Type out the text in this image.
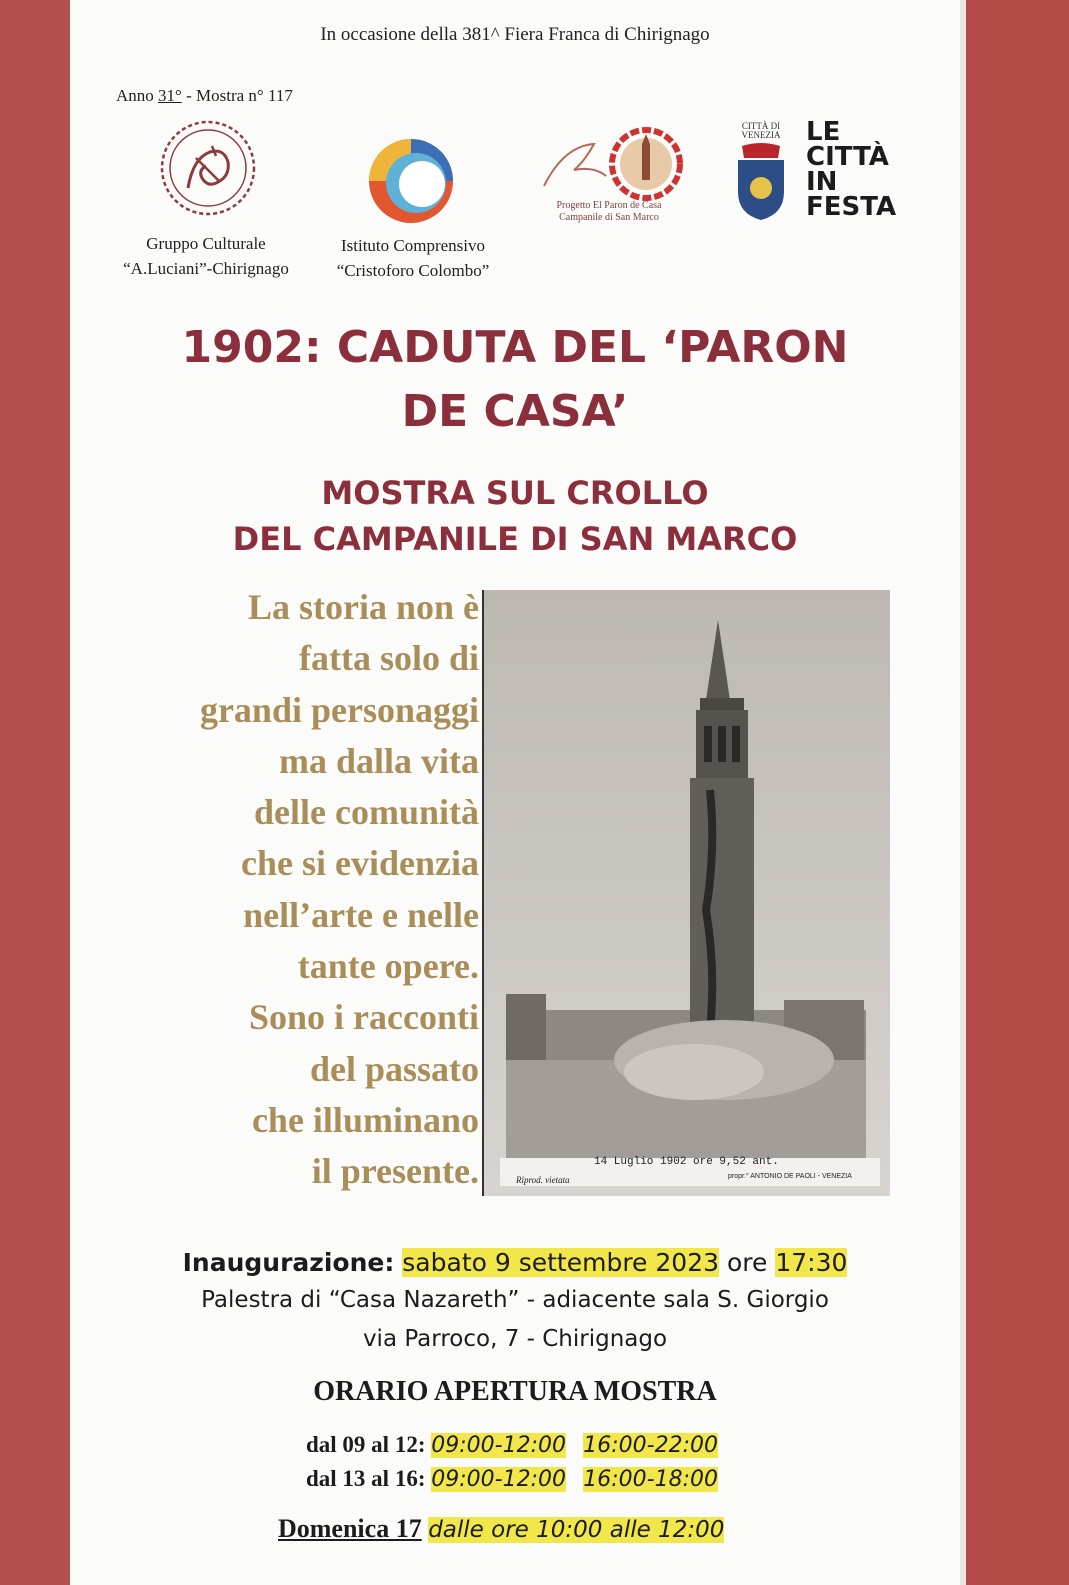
In occasione della 381^ Fiera Franca di Chirignago
Anno 31° - Mostra n° 117
Gruppo Culturale
“A.Luciani”-Chirignago
Istituto Comprensivo
“Cristoforo Colombo”
Progetto El Paron de Casa
Campanile di San Marco
CITTÀ DI
VENEZIA LE
CITTÀ
IN
FESTA
1902: CADUTA DEL ‘PARON
DE CASA’
MOSTRA SUL CROLLO
DEL CAMPANILE DI SAN MARCO
La storia non è
fatta solo di
grandi personaggi
ma dalla vita
delle comunità
che si evidenzia
nell’arte e nelle
tante opere.
Sono i racconti
del passato
che illuminano
il presente.	14 Luglio 1902 ore 9,52 ant.
Riprod. vietata	propr.° ANTONIO DE PAOLI - VENEZIA
Inaugurazione: sabato 9 settembre 2023 ore 17:30
Palestra di “Casa Nazareth” - adiacente sala S. Giorgio
via Parroco, 7 - Chirignago
ORARIO APERTURA MOSTRA
dal 09 al 12: 09:00-12:00 16:00-22:00
dal 13 al 16: 09:00-12:00 16:00-18:00
Domenica 17 dalle ore 10:00 alle 12:00
